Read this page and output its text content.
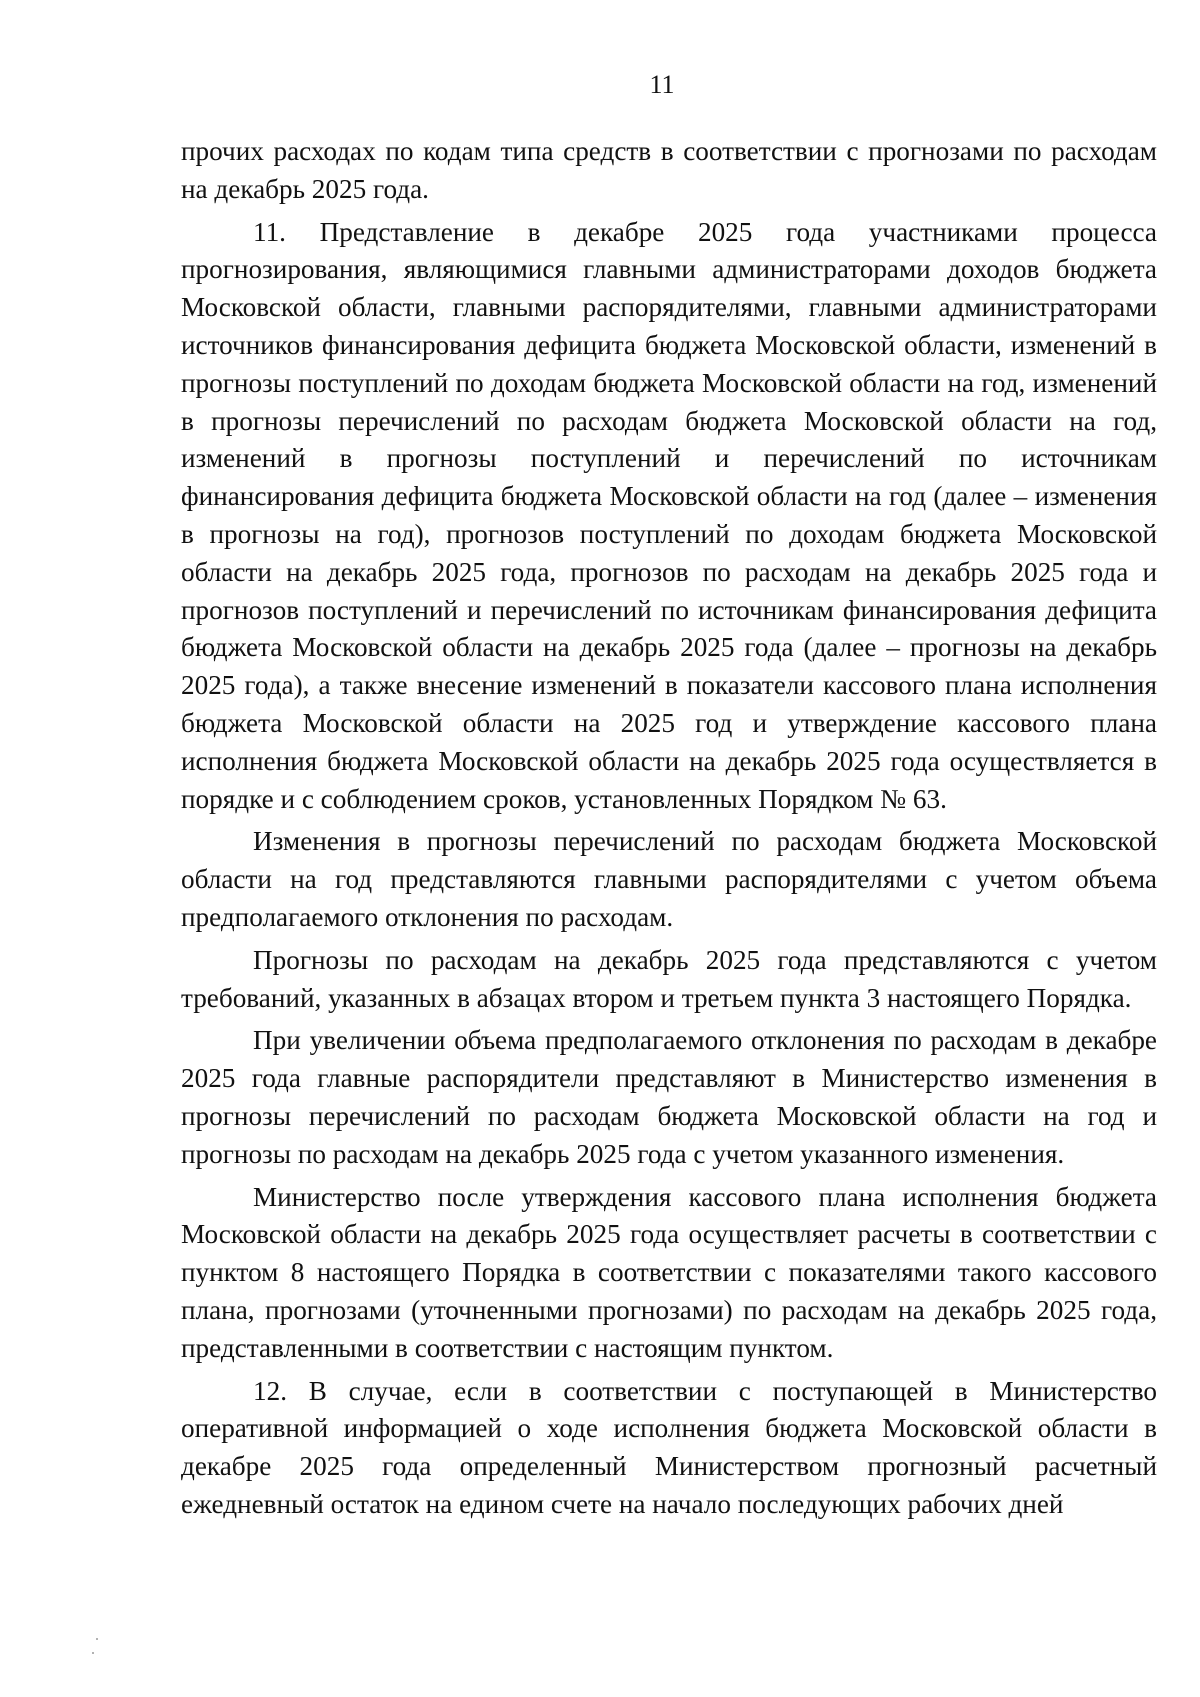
11

прочих расходах по кодам типа средств в соответствии с прогнозами по расходам на декабрь 2025 года.

11. Представление в декабре 2025 года участниками процесса прогнозирования, являющимися главными администраторами доходов бюджета Московской области, главными распорядителями, главными администраторами источников финансирования дефицита бюджета Московской области, изменений в прогнозы поступлений по доходам бюджета Московской области на год, изменений в прогнозы перечислений по расходам бюджета Московской области на год, изменений в прогнозы поступлений и перечислений по источникам финансирования дефицита бюджета Московской области на год (далее – изменения в прогнозы на год), прогнозов поступлений по доходам бюджета Московской области на декабрь 2025 года, прогнозов по расходам на декабрь 2025 года и прогнозов поступлений и перечислений по источникам финансирования дефицита бюджета Московской области на декабрь 2025 года (далее – прогнозы на декабрь 2025 года), а также внесение изменений в показатели кассового плана исполнения бюджета Московской области на 2025 год и утверждение кассового плана исполнения бюджета Московской области на декабрь 2025 года осуществляется в порядке и с соблюдением сроков, установленных Порядком № 63.

Изменения в прогнозы перечислений по расходам бюджета Московской области на год представляются главными распорядителями с учетом объема предполагаемого отклонения по расходам.

Прогнозы по расходам на декабрь 2025 года представляются с учетом требований, указанных в абзацах втором и третьем пункта 3 настоящего Порядка.

При увеличении объема предполагаемого отклонения по расходам в декабре 2025 года главные распорядители представляют в Министерство изменения в прогнозы перечислений по расходам бюджета Московской области на год и прогнозы по расходам на декабрь 2025 года с учетом указанного изменения.

Министерство после утверждения кассового плана исполнения бюджета Московской области на декабрь 2025 года осуществляет расчеты в соответствии с пунктом 8 настоящего Порядка в соответствии с показателями такого кассового плана, прогнозами (уточненными прогнозами) по расходам на декабрь 2025 года, представленными в соответствии с настоящим пунктом.

12. В случае, если в соответствии с поступающей в Министерство оперативной информацией о ходе исполнения бюджета Московской области в декабре 2025 года определенный Министерством прогнозный расчетный ежедневный остаток на едином счете на начало последующих рабочих дней
